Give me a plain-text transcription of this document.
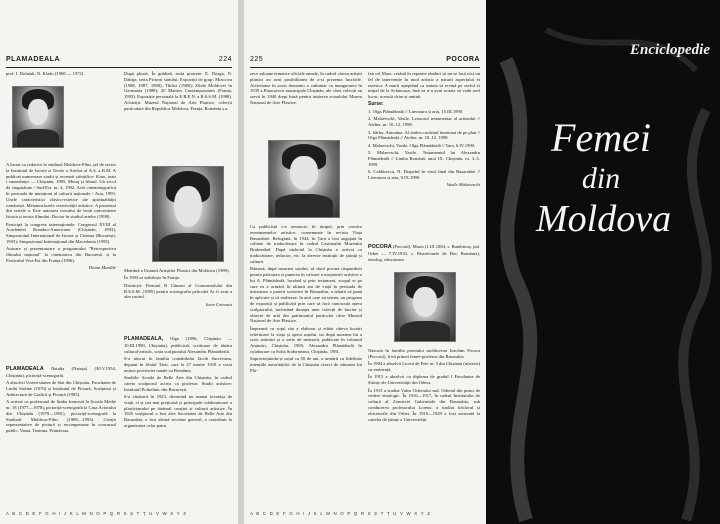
PLAMADEALA	224

prof. I. Dolniak, N. Klado (1968 — 1972).

A lucrat ca redactor la studioul Moldova-Film, șef de sector la Institutul de Istorie și Teorie a Artelor al A.Ș. a R.M. A publicat numeroase studii și recenzii științifice: Kino, teatr i smeezhnye — Chișinău, 1985. Mesaj și filmul. Un secol de singurătate / Sud-Est. nr. 4, 1992. Artă cinematografică în perioada de mutaționi al culturii naționale / Arta, 1993. Unele caracteristici clasico-estetice ale spiritualității românești. Metamorfozele creativității artistice. A prezentat din seriale a. Este autoarea cursului de lecții universitare Istoria și teoria filmului. Doctor în studiul artelor (1998).

Participă la congrese internaționale: Congresul XVIII al Academiei Româno-Americane (Chișinău, 1993); Simpozionul Internațional de Istorie și Cinema (București, 1993); Simpozionul Internațional din Macedonia (1995).

Autoare și prezentatoare a programului "Retrospectiva filmului național" la cinemateca din București și la Festivalul Vest-Est din Franța (1996).

Doina Mardile

PLAMADEALA Natalia (Natașa) (30.V.1954, Chișinău), pictoriță-scenografă.

A absolvit Universitatea de Stat din Chișinău, Facultatea de Limbi Străine (1976) și Institutul de Pictură, Sculptură și Arhitectură de Grafică și Pictură (1985).

A activat ca profesoară de limba franceză la Școala Medie nr. 18 (1977—1978), pictoriță-scenografă la Casa Actorului din Chișinău (1979—1981), pictoriță-scenografă la Studioul Moldova-Film (1989—1993). Creații reprezentative de pictură și recompensate în concursul public, Vama, Toamna, Primăvara,

După ploaie, În grădină, seria portrete: E. Doaga, N. Dabija; seria Pictorii statului. Expoziții de grup: Moscova (1988, 1987, 1988); Tbilisi (1988); Zilele Moldovei în Germania (1988); 20 Maitres Contemporaines (Franța, 1993). Expoziție personală la E.R.E.N. a R.S.S.M. (1988). Achiziții: Muzeul Național de Arte Plastice, colecții particulare din Republica Moldova, Franța, România ș.a.

Membră a Uniunii Artiștilor Plastici din Moldova (1989).

În 1993 se stabilește în Franța.

Distincții: Premiul B Cânsun al Comsomolului din R.S.S.M. (1985) pentru scenografia peliculei Ar fi avut a ales usorul.

Iurie Cotrasai

PLAMADEALA, Olga (1896, Chișinău — 10.III.1990, Chișinău), publicistă, scriitoare de tânăra cultural-artistic, soția sculptorului Alexandru Plămădeală.

S-a născut în familia contabilului Iacob Surcevanu, deputat în Sfatul Țării, care la 27 martie 1918 a votat unirea provinciei natale cu România.

Studiile: Școala de Belle Arte din Chișinău, în cadrul căreia sculptorul activa ca profesor. Studii artistice: Institutul Politehnic din București.

S-a căsătorit în 1923, devenind nu numai tovarășa de viață, ci și cea mai prețioasă și principală colaboratoare a plasticianului pe tărâmul creației și culturii artistice. În 1925 sculptorul a fost ales Societatea de Belle Arte din Basarabia, a fost aleasă secretar general, a contribuit la organizarea celor patru

A B C D E F G H I J K L M N O P Q R S Ș T Ț U V W X Y Z
225	POCORA

zece saloane tematice oficiale anuale, în cadrul cărora artiștii plastici au avut posibilitatea de a-și prezenta lucrările. Activitatea în acest domeniu a culminat cu inaugurarea în 1939 a Pinacotecii municipale Chișinău, ale cărei colecții au servit în 1940 drept bază pentru inițierea actualului Muzeu Național de Arte Plastice.

Ca publicistă s-a remarcat, în timpul, prin cronica evenimentelor artistice, consemnate în revista Viața Basarabiei. Refugiată, în 1944, în Țară a fost angajată în calitate de traducătoare în cadrul Casinoului Muzeului Brukenthal. După războiul la Chișinău a activat ca traducătoare, redactor, etc. la diverse instituții de știință și cultură.

Rămasă, după moartea soțului, să ducă povara răspunderii pentru păstrarea și punerea în valoare a moștenirii artistice a lui A. Plămădeală, lucrând și prin testament, scopul ei pe care ea a urmărit în ultimii ani de viață în perioada de instaurare a puterii sovietice în Basarabia, a izbutit să pună în aplicare și să realizeze, în anii care au urmat, un program de expoziții și publicații prin care să facă cunoscută opera sculptorului, incluzând donația unei colecții de lucrări și obiecte de artă din patrimoniul particular către Muzeul Național de Arte Plastice.

Împreună cu soțul său a elaborat și editat câteva lucrări referitoare la viața și opera soțului, iar după moartea lui a scris amintiri și o serie de memorii, publicate în volumul Amintiri, Chișinău, 1965; Alexandru Plămădeală în colaborare cu Sofia Sodorneanu. Chișinău, 1981.

Supraviețuindu-și soțul cu 50 de ani, a urmărit cu fidelitate intențiile autorităților de la Chișinău vizavi de stimarea lui Plă-

fan cel Mare, cerând în repetate rânduri să nu se facă nici un fel de intervenție în mod artistic a naturii aspectului ei exterior. A murit așteptând ca statuia să revină pe soclul ei inițial de la Schinoasa, însă ea n-a avut ocazia să vadă acel lucru, această chiar și aminti.

Surse:

1. Olga Plămădeală // Literatura și arta, 15.III.1990.

2. Malaevschi, Vasile. Leonorul testamentar al artistului // Atelier, nr. 10–12, 1998.

3. Sârbu, Antonina. Al doilea cuvântul însemnat de pe plan // Olga Plămădeală // Atelier, nr. 10–12, 1998.

4. Malaevschi, Vasile. Olga Plămădeală // Tara, 6.IV.1990.

5. Malaevschi, Vasile. Testamentul lui Alexandru Plămădeală // Limba Română, anul IX, Chișinău, nr. 3–5, 1999.

6. Coldărescu, N. Drapelul în visul final din Basarabiei // Literatura și arta, 9.IX.1999.

Vasile Malaevschi

POCORA (Pocorul), Maria (1.IX.1884, s. Bumbăcaș, jud. Orhei — 7.IV.1933, s. Păstrăvinele de Fier, România), etnolog, educatoare.

Născută în familia preotului moldovean Ioachim Pocora (Pocorul), fiică primei femei-profesor din Basarabia.

În 1904 a absolvit Liceul de Fete nr. 3 din Chișinău (ulterior) cu eminență.

În 1915 a absolvit cu diploma de gradul I Facultatea de Științe ale Universității din Odesa.

În 1915 a studiat Valea Ocheiului sud. Orheiul din punct de vedere etnologic. În 1916—1917, în cadrul Institutului de cultură al Zemstvei Guberniale din Basarabia, sub conducerea profesorului Lorenz, a studiat folclorul și obiceiurile din Orhei. În 1916—1920 a fost asistentă la catedra de științe a Universității

A B C D E F G H I J K L M N O P Q R S Ș T Ț U V W X Y Z
Enciclopedie
Femei
din
Moldova
